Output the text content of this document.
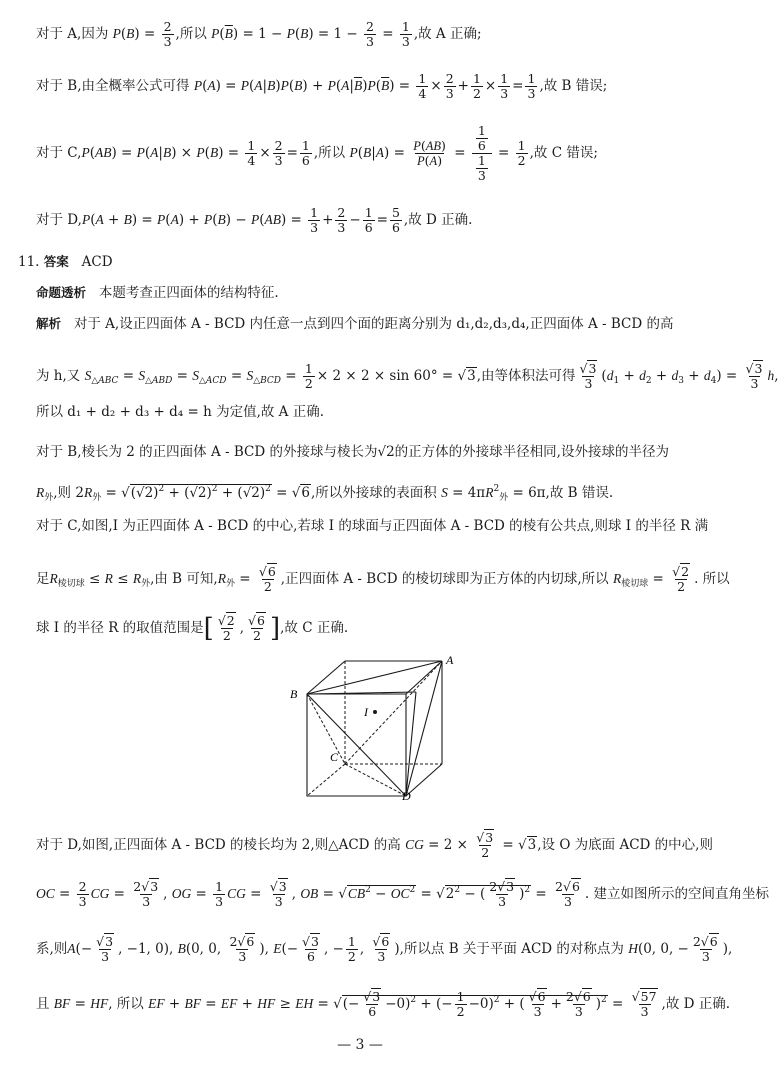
对于 A,因为 $P(B) = \frac{2}{3}$ ,所以 $P(\overline{B}) = 1 - P(B) = 1 - \frac{2}{3} = \frac{1}{3}$ ,故 A 正确;
对于 B,由全概率公式可得 $P(A) = P(A|B)P(B) + P(A|\overline{B})P(\overline{B}) = \frac{1}{4} \times \frac{2}{3} + \frac{1}{2} \times \frac{1}{3} = \frac{1}{3}$ ,故 B 错误;
对于 $C,P(AB) = P(A|B) \times P(B) = \frac{1}{4} \times \frac{2}{3} = \frac{1}{6}$ ,所以 $P(B|A) = \frac{P(AB)}{P(A)} = \frac{\frac{1}{6}}{\frac{1}{3}} = \frac{1}{2}$ ,故 C 错误;
对于 $D,P(A + B) = P(A) + P(B) - P(AB) = \frac{1}{3} + \frac{2}{3} - \frac{1}{6} = \frac{5}{6}$ ,故 D 正确.
11. 答案 ACD
命题透析 本题考查正四面体的结构特征.
解析 对于 A,设正四面体 A - BCD 内任意一点到四个面的距离分别为 d₁,d₂,d₃,d₄,正四面体 A - BCD 的高
为 h,又 $S_{\triangle ABC} = S_{\triangle ABD} = S_{\triangle ACD} = S_{\triangle BCD} = \frac{1}{2} \times 2 \times 2 \times \sin 60^\circ = √3$,由等体积法可得 $\frac{√3}{3} (d_1 + d_2 + d_3 + d_4) = \frac{√3}{3}$ h
所以 d₁ + d₂ + d₃ + d₄ = h 为定值,故 A 正确.
对于 B,棱长为 2 的正四面体 A - BCD 的外接球与棱长为√2的正方体的外接球半径相同,设外接球的半径为
$R_外$,则 $2R_外 = √(√2)^2 + (√2)^2 + (√2)^2 = √6$,所以外接球的表面积 $S = 4\pi R^2_外 = 6\pi$,故 B 错误.
对于 C,如图,I 为正四面体 A - BCD 的中心,若球 I 的球面与正四面体 A - BCD 的棱有公共点,则球 I 的半径 R 满
足$R_{棱切球} \le R \le R_外$,由 B 可知$,R_外 = \frac{√6}{2}$ ,正四面体 A - BCD 的棱切球即为正方体的内切球,所以 $R_{棱切球} = \frac{√2}{2}$ . 所以
球 I 的半径 R 的取值范围是[ $\frac{√2}{2}$ , $\frac{√6}{2}$ ],故 C 正确.
A
B
C
D
I
对于 D,如图,正四面体 A - BCD 的棱长均为 2,则△ACD 的高 CG = $2 \times \frac{√3}{2} = √3$,设 O 为底面 ACD 的中心,则
OC = $\frac{2}{3}$ CG = $\frac{2√3}{3}$ , OG = $\frac{1}{3}$ CG = $\frac{√3}{3}$ , OB = $√CB^2 - OC^2 = √2^2$ − ( $\frac{2√3}{3} )^2 = \frac{2√6}{3}$ . 建立如图所示的空间直角坐标
系,则$A(- \frac{√3}{3}$ , −1, 0), B(0, 0, $\frac{2√6}{3}$ ), $E(- \frac{√3}{6}$ , − $\frac{1}{2}$ , $\frac{√6}{3}$ ),所以点 B 关于平面 ACD 的对称点为 H(0, 0, − $\frac{2√6}{3}$ ),
且 BF = HF, 所以 EF + BF = EF + HF ≥ EH = √(− $\frac{√3}{6} -0)^2$ + (− $\frac{1}{2} -0)^2$ + ( $\frac{√6}{3} + \frac{2√6}{3} )^2 = \frac{√57}{3}$ ,故 D 正确.
— 3 —
